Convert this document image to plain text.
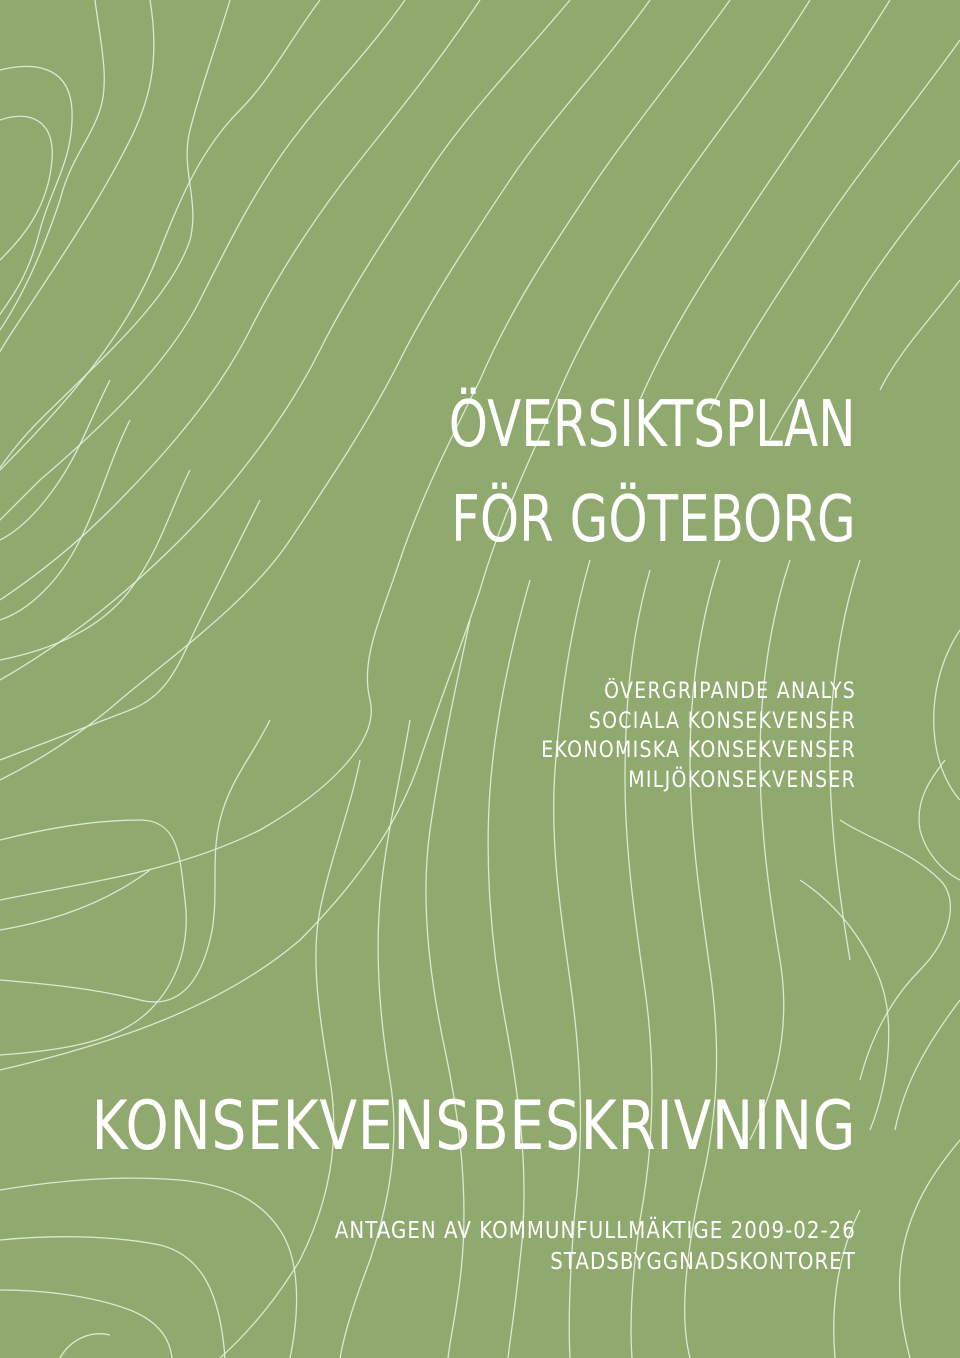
ÖVERSIKTSPLAN
FÖR GÖTEBORG
ÖVERGRIPANDE ANALYS
SOCIALA KONSEKVENSER
EKONOMISKA KONSEKVENSER
MILJÖKONSEKVENSER
KONSEKVENSBESKRIVNING
ANTAGEN AV KOMMUNFULLMÄKTIGE 2009-02-26
STADSBYGGNADSKONTORET
